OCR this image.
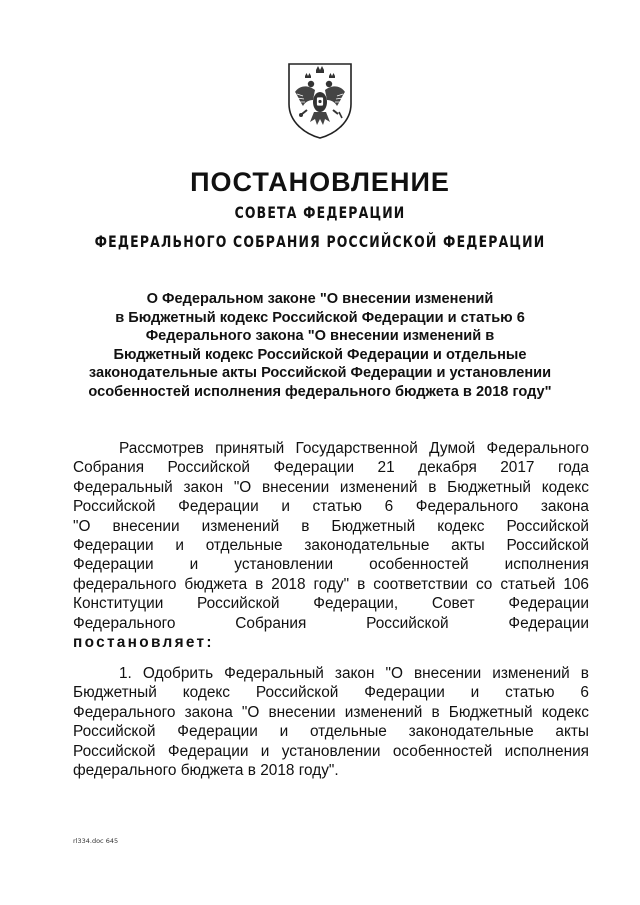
ПОСТАНОВЛЕНИЕ
СОВЕТА ФЕДЕРАЦИИ
ФЕДЕРАЛЬНОГО СОБРАНИЯ РОССИЙСКОЙ ФЕДЕРАЦИИ
О Федеральном законе "О внесении изменений
в Бюджетный кодекс Российской Федерации и статью 6
Федерального закона "О внесении изменений в
Бюджетный кодекс Российской Федерации и отдельные
законодательные акты Российской Федерации и установлении
особенностей исполнения федерального бюджета в 2018 году"
Рассмотрев принятый Государственной Думой Федерального
Собрания Российской Федерации 21 декабря 2017 года
Федеральный закон "О внесении изменений в Бюджетный кодекс
Российской Федерации и статью 6 Федерального закона
"О внесении изменений в Бюджетный кодекс Российской
Федерации и отдельные законодательные акты Российской
Федерации и установлении особенностей исполнения
федерального бюджета в 2018 году" в соответствии со статьей 106
Конституции Российской Федерации, Совет Федерации
Федерального Собрания Российской Федерации
постановляет:
1. Одобрить Федеральный закон "О внесении изменений в
Бюджетный кодекс Российской Федерации и статью 6
Федерального закона "О внесении изменений в Бюджетный кодекс
Российской Федерации и отдельные законодательные акты
Российской Федерации и установлении особенностей исполнения
федерального бюджета в 2018 году".
rl334.doc 645
